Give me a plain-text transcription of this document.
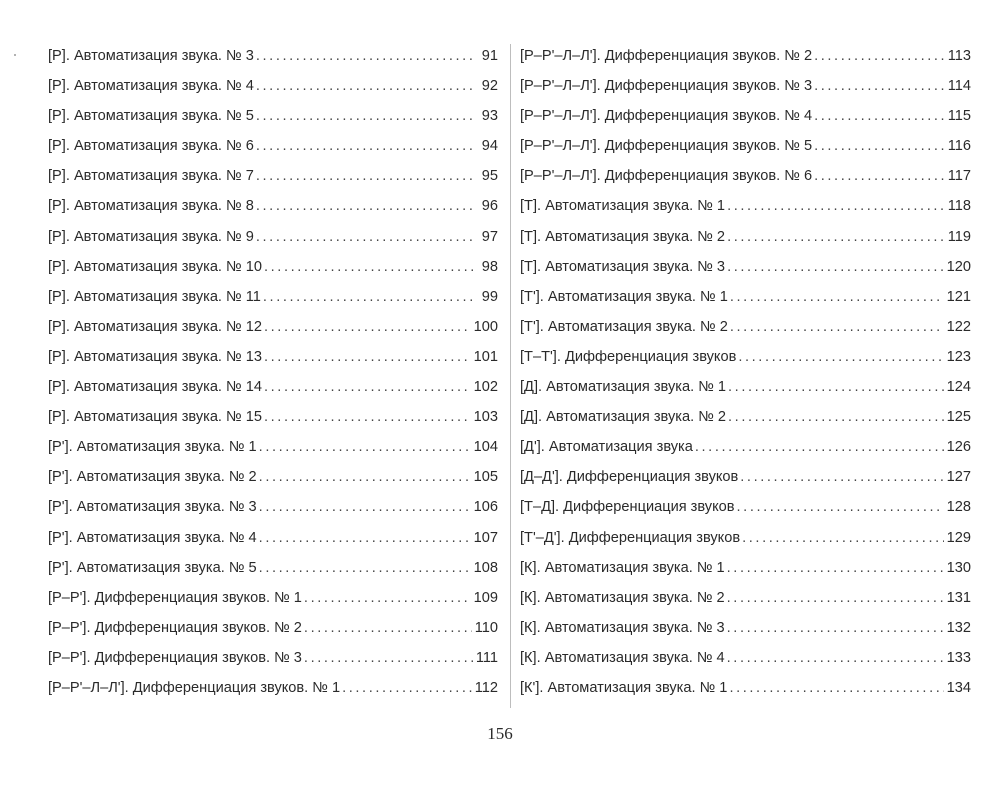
[Р]. Автоматизация звука. № 3 .....	91
[Р]. Автоматизация звука. № 4 .....	92
[Р]. Автоматизация звука. № 5 .....	93
[Р]. Автоматизация звука. № 6 .....	94
[Р]. Автоматизация звука. № 7 .....	95
[Р]. Автоматизация звука. № 8 .....	96
[Р]. Автоматизация звука. № 9 .....	97
[Р]. Автоматизация звука. № 10 .....	98
[Р]. Автоматизация звука. № 11 .....	99
[Р]. Автоматизация звука. № 12 .....	100
[Р]. Автоматизация звука. № 13 .....	101
[Р]. Автоматизация звука. № 14 .....	102
[Р]. Автоматизация звука. № 15 .....	103
[Р']. Автоматизация звука. № 1 .....	104
[Р']. Автоматизация звука. № 2 .....	105
[Р']. Автоматизация звука. № 3 .....	106
[Р']. Автоматизация звука. № 4 .....	107
[Р']. Автоматизация звука. № 5 .....	108
[Р–Р']. Дифференциация звуков. № 1 .....	109
[Р–Р']. Дифференциация звуков. № 2 .....	110
[Р–Р']. Дифференциация звуков. № 3 .....	111
[Р–Р'–Л–Л']. Дифференциация звуков. № 1 .....	112
[Р–Р'–Л–Л']. Дифференциация звуков. № 2 .....	113
[Р–Р'–Л–Л']. Дифференциация звуков. № 3 .....	114
[Р–Р'–Л–Л']. Дифференциация звуков. № 4 .....	115
[Р–Р'–Л–Л']. Дифференциация звуков. № 5 .....	116
[Р–Р'–Л–Л']. Дифференциация звуков. № 6 .....	117
[Т]. Автоматизация звука. № 1 .....	118
[Т]. Автоматизация звука. № 2 .....	119
[Т]. Автоматизация звука. № 3 .....	120
[Т']. Автоматизация звука. № 1 .....	121
[Т']. Автоматизация звука. № 2 .....	122
[Т–Т']. Дифференциация звуков .....	123
[Д]. Автоматизация звука. № 1 .....	124
[Д]. Автоматизация звука. № 2 .....	125
[Д']. Автоматизация звука .....	126
[Д–Д']. Дифференциация звуков .....	127
[Т–Д]. Дифференциация звуков .....	128
[Т'–Д']. Дифференциация звуков .....	129
[К]. Автоматизация звука. № 1 .....	130
[К]. Автоматизация звука. № 2 .....	131
[К]. Автоматизация звука. № 3 .....	132
[К]. Автоматизация звука. № 4 .....	133
[К']. Автоматизация звука. № 1 .....	134
156
